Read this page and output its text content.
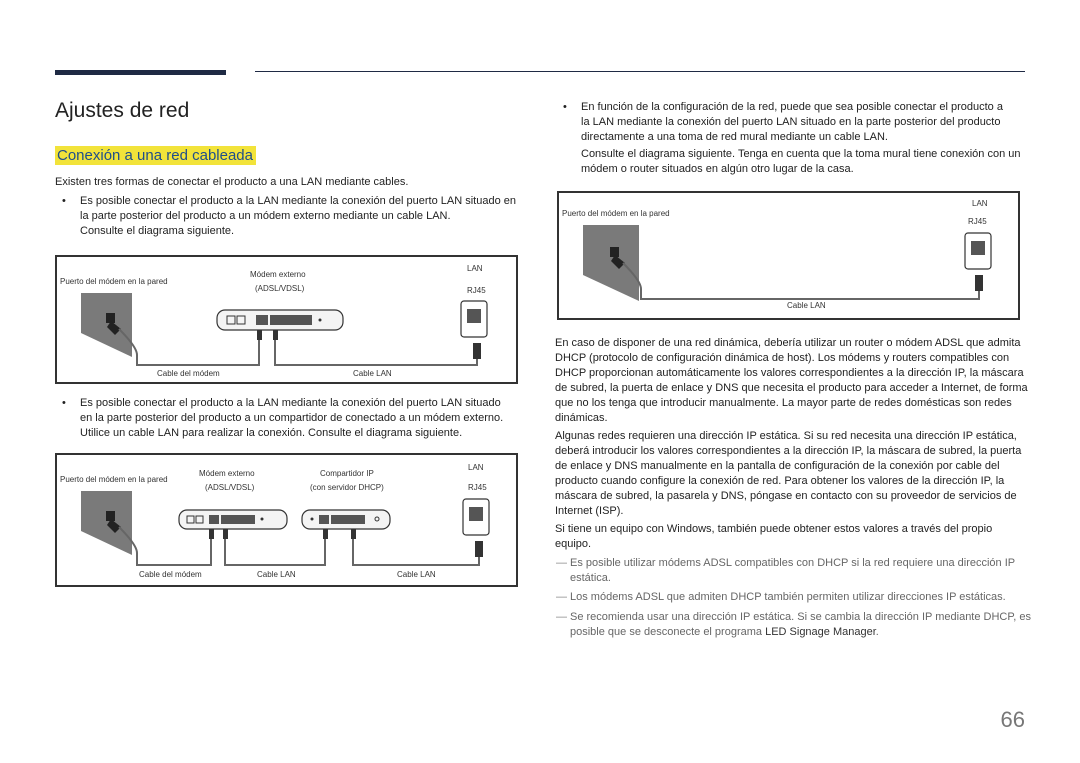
Ajustes de red
Conexión a una red cableada
Existen tres formas de conectar el producto a una LAN mediante cables.
• Es posible conectar el producto a la LAN mediante la conexión del puerto LAN situado en
la parte posterior del producto a un módem externo mediante un cable LAN.
Consulte el diagrama siguiente.
Puerto del módem en la pared
Módem externo
(ADSL/VDSL)
LAN
RJ45
Cable del módem	Cable LAN
• Es posible conectar el producto a la LAN mediante la conexión del puerto LAN situado
en la parte posterior del producto a un compartidor de conectado a un módem externo.
Utilice un cable LAN para realizar la conexión. Consulte el diagrama siguiente.
Puerto del módem en la pared
Módem externo
(ADSL/VDSL)
Compartidor IP
(con servidor DHCP)
LAN
RJ45
Cable del módem	Cable LAN	Cable LAN
• En función de la configuración de la red, puede que sea posible conectar el producto a
la LAN mediante la conexión del puerto LAN situado en la parte posterior del producto
directamente a una toma de red mural mediante un cable LAN.
Consulte el diagrama siguiente. Tenga en cuenta que la toma mural tiene conexión con un
módem o router situados en algún otro lugar de la casa.
Puerto del módem en la pared
LAN
RJ45
Cable LAN
En caso de disponer de una red dinámica, debería utilizar un router o módem ADSL que admita
DHCP (protocolo de configuración dinámica de host). Los módems y routers compatibles con
DHCP proporcionan automáticamente los valores correspondientes a la dirección IP, la máscara
de subred, la puerta de enlace y DNS que necesita el producto para acceder a Internet, de forma
que no los tenga que introducir manualmente. La mayor parte de redes domésticas son redes
dinámicas.
Algunas redes requieren una dirección IP estática. Si su red necesita una dirección IP estática,
deberá introducir los valores correspondientes a la dirección IP, la máscara de subred, la puerta
de enlace y DNS manualmente en la pantalla de configuración de la conexión por cable del
producto cuando configure la conexión de red. Para obtener los valores de la dirección IP, la
máscara de subred, la pasarela y DNS, póngase en contacto con su proveedor de servicios de
Internet (ISP).
Si tiene un equipo con Windows, también puede obtener estos valores a través del propio
equipo.
― Es posible utilizar módems ADSL compatibles con DHCP si la red requiere una dirección IP
estática.
― Los módems ADSL que admiten DHCP también permiten utilizar direcciones IP estáticas.
― Se recomienda usar una dirección IP estática. Si se cambia la dirección IP mediante DHCP, es
posible que se desconecte el programa LED Signage Manager.
66
